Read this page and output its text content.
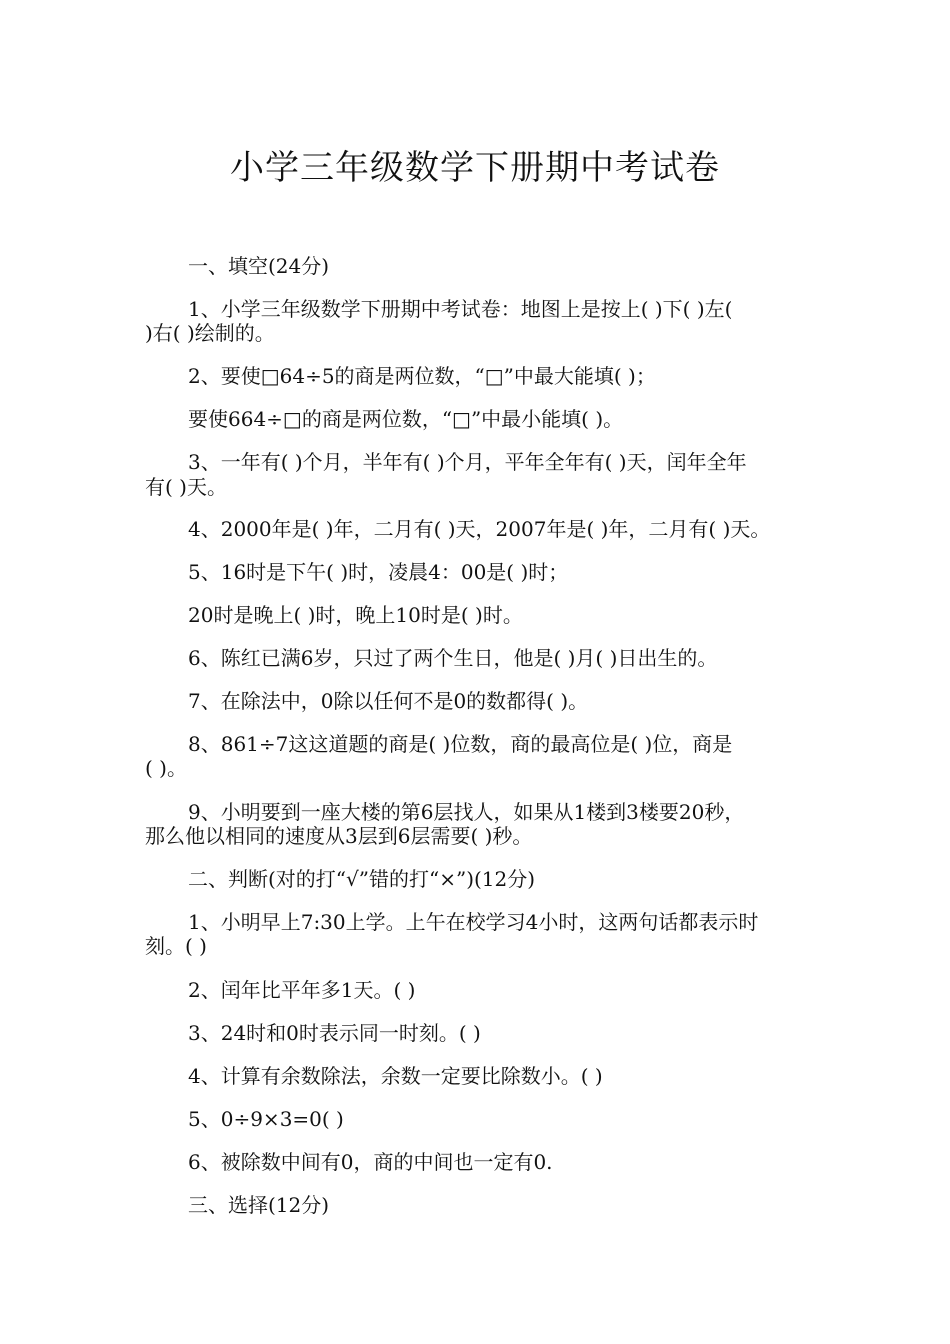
小学三年级数学下册期中考试卷
一、填空(24分)
1、小学三年级数学下册期中考试卷：地图上是按上( )下( )左(
)右( )绘制的。
2、要使□64÷5的商是两位数，“□”中最大能填( )；
要使664÷□的商是两位数，“□”中最小能填( )。
3、一年有( )个月，半年有( )个月，平年全年有( )天，闰年全年
有( )天。
4、2000年是( )年，二月有( )天，2007年是( )年，二月有( )天。
5、16时是下午( )时，凌晨4：00是( )时；
20时是晚上( )时，晚上10时是( )时。
6、陈红已满6岁，只过了两个生日，他是( )月( )日出生的。
7、在除法中，0除以任何不是0的数都得( )。
8、861÷7这这道题的商是( )位数，商的最高位是( )位，商是
( )。
9、小明要到一座大楼的第6层找人，如果从1楼到3楼要20秒，
那么他以相同的速度从3层到6层需要( )秒。
二、判断(对的打“√”错的打“×”)(12分)
1、小明早上7:30上学。上午在校学习4小时，这两句话都表示时
刻。( )
2、闰年比平年多1天。( )
3、24时和0时表示同一时刻。( )
4、计算有余数除法，余数一定要比除数小。( )
5、0÷9×3=0( )
6、被除数中间有0，商的中间也一定有0.
三、选择(12分)
